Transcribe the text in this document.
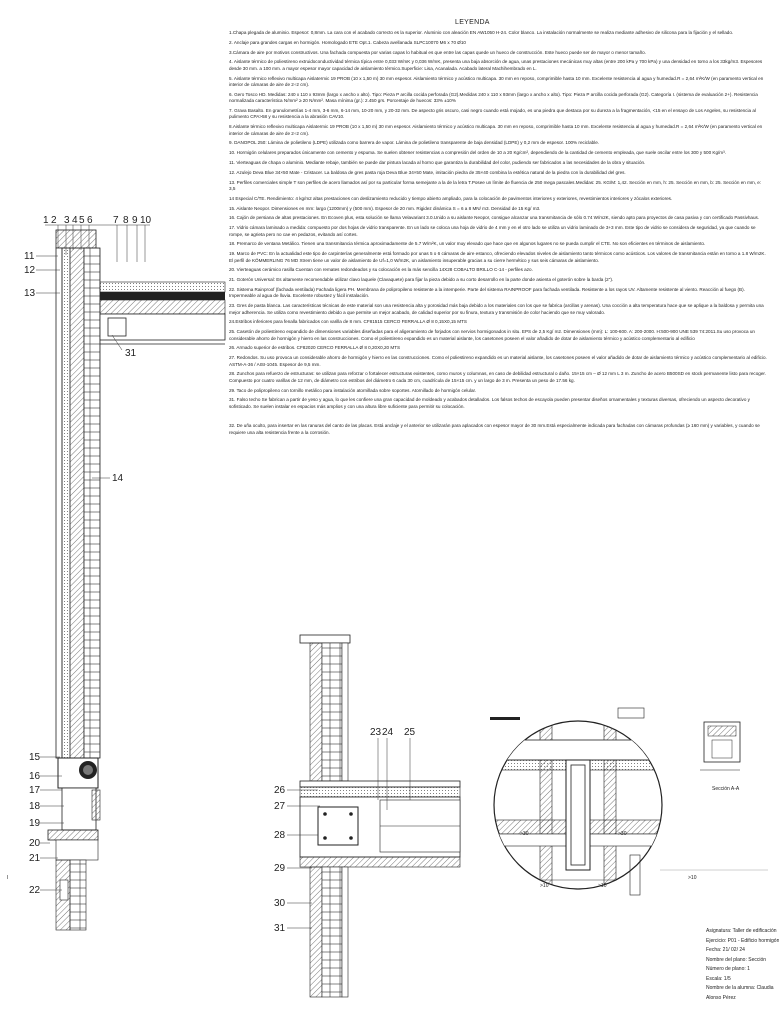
LEYENDA

1.Chapa plegada de aluminio. Espesor: 0,8mm. La cara con el acabado correcto es la superior. Aluminio con aleación EN AW1050 H-24. Color blanco. La instalación normalmente se realiza mediante adhesivo de silicona para la fijación y el sellado.

2. Anclaje para grandes cargas en hormigón. Homologado ETE Opt.1. Cabeza avellanada SLPC10070 M6 x 70 Ø10

3.Cámara de aire por motivos constructivos. Una fachada compuesta por varias capas lo habitual es que entre las capas quede un hueco de construcción. Este hueco puede ser de mayor o menor tamaño.

4. Aislante térmico de poliestireno extruidoconductividad térmica típica entre 0,033 W/mK y 0,036 W/mK, presenta una baja absorción de agua, unas prestaciones mecánicas muy altas (entre 200 kPa y 700 kPa) y una densidad en torno a los 33kg/m3. Espesores desde 30 mm. a 100 mm. a mayor espesor mayor capacidad de aislamiento térmico.Superficie: Lisa, Acanalada. Acabado lateral Machihembrado en L.

5. Aislante térmico reflexivo multicapa Aislatermic 19 PROB (10 x 1,50 m) 30 mm espesor. Aislamiento térmico y acústico multicapa. 30 mm en reposo, comprimible hasta 10 mm. Excelente resistencia al agua y humedad.R = 2,64 m²K/W (en paramento vertical en interior de cámaras de aire de 2÷2 cm).

6. Gero Tosco HD. Medidas: 240 x 110 x 93mm (largo x ancho x alto). Tipo: Pieza P arcilla cocida perforada (G2).Medidas 240 x 110 x 93mm (largo x ancho x alto). Tipo: Pieza P arcilla cocida perforada (G2). Categoría I. (sistema de evaluación 2+). Resistencia normalizada característica N/mm² ≥ 20 N/mm². Masa mínima (gr.): 2.450 grs. Porcentaje de huecos: 33% ±10%

7. Grava Basalto. En granulometrías 1-4 mm, 3-6 mm, 6-14 mm, 10-20 mm, y 20-32 mm. De aspecto gris oscuro, casi negro cuando está mojado, es una piedra que destaca por su dureza a la fragmentación, <15 en el ensayo de Los Angeles, su resistencia al pulimento CPA>58 y su resistencia a la abrasión CAV10.

8.Aislante térmico reflexivo multicapa Aislatermic 19 PROB (10 x 1,50 m) 30 mm espesor. Aislamiento térmico y acústico multicapa. 30 mm en reposo, comprimible hasta 10 mm. Excelente resistencia al agua y humedad.R = 2,64 m²K/W (en paramento vertical en interior de cámaras de aire de 2÷2 cm).

9. DANOPOL 250: Lámina de polietileno (LDPE) utilizada como barrera de vapor. Lámina de polietileno transparente de baja densidad (LDPE) y 0,2 mm de espesor. 100% reciclable.

10. Hormigón celulares preparados únicamente con cemento y espuma. Se suelen obtener resistencias a compresión del orden de 10 a 20 Kg/cm², dependiendo de la cantidad de cemento empleada, que suele oscilar entre los 300 y 500 Kg/m³.

11. Vierteaguas de chapa o aluminio. Mediante rebaje, también se puede dar pintura lacada al horno que garantiza la durabilidad del color, pudiendo ser fabricados a las necesidades de la obra y situación.

12. Azulejo Deva Blue 34×50 Mate - Cristacer. La baldosa de gres pasta roja Deva Blue 34×50 Mate, imitación piedra de 35×40 combina la estética natural de la piedra con la durabilidad del gres.

13. Perfiles comerciales simple T son perfiles de acero llamados así por su particular forma semejante a la de la letra T.Posee un límite de fluencia de 250 mega pascales.Medidas: 25. KG/M: 1,42. Sección en mm, h: 25. Sección en mm, b: 25. Sección en mm, e: 3,5

14 Especial C/TE. Rendimiento: 4 kg/m2 altas prestaciones con deslizamiento reducido y tiempo abierto ampliado, para la colocación de pavimentos interiores y exteriores, revestimientos interiores y zócalos exteriores.

15. Aislante Neopor. Dimensiones en mm: largo (1200mm) y (500 mm). Espesor de 20 mm. Rigidez dinámica S = 6 a 8 MN/ m3. Densidad de 15 Kg/ m3.

16. Cajón de persiana de altas prestaciones. En Ecoven plus, esta solución se llama Velavariant 3.0.Unido a su aislante Neopor, consigue alcanzar una transmitancia de sólo 0.74 W/m2K, siendo apto para proyectos de casa pasiva y con certificado Passivhaus.

17. Vidrio cámara laminado a medida: compuesto por dos hojas de vidrio transparente. En un lado se coloca una hoja de vidrio de 4 mm y en el otro lado se utiliza un vidrio laminado de 3+3 mm. Este tipo de vidrio se considera de seguridad, ya que cuando se rompe, se agrieta pero no cae en pedazos, evitando así cortes.

18. Premarco de ventana Metálico. Tienen una transmitancia térmica aproximadamente de 5.7 W/m²K, un valor muy elevado que hace que en algunos lugares no se pueda cumplir el CTE. No son eficientes en términos de aislamiento.

19. Marco de PVC: En la actualidad este tipo de carpinterías generalmente está formado por unas 5 o 6 cámaras de aire estanco, ofreciendo elevados niveles de aislamiento tanto térmicos como acústicos. Los valores de transmitancia están en torno a 1.8 W/m2K. El perfil de KÖMMERLING 76 MD Xtrem tiene un valor de aislamiento de Uf=1,0 W/m2K, un aislamiento insuperable gracias a su cierre hermético y sus seis cámaras de aislamiento.

20. Vierteaguas cerámico rasilla Cuentan con remates redondeados y su colocación es la más sencilla 14X28 COBALTO BRILLO C-14 - perfiles azo.

21. Goterón Universal: Es altamente recomendable utilizar clavo laquele (Clavaquete) para fijar la pieza debido a su corto desarrollo en la parte donde asienta el goterón sobre la barda (2").

22. Sistema Rainproof (fachada ventilada) Fachada ligera PH. Membrana de polipropileno resistente a la intemperie. Parte del sistema RAINPROOF para fachada ventilada. Resistente a los rayos UV. Altamente resistente al viento. Reacción al fuego (B). Impermeable al agua de lluvia. Excelente robustez y fácil instalación.

23. Gres de pasta blanca. Las características técnicas de este material son una resistencia alta y porosidad más baja debido a los materiales con los que se fabrica (arcillas y arenas). Una cocción a alta temperatura hace que se aplique a la baldosa y permita una mejor adherencia. Se utiliza como revestimiento debido a que permite un mejor acabado, de calidad superior por su finura, textura y transmisión de color haciendo que se muy valorado.

24.Estribos inferiores para fenalla fabricados con varilla de 8 mm. CF81515 CERCO FERRALLA Ø 8 0,15X0,15 MTS

25. Casetón de poliestireno expandido de dimensiones variables diseñadas para el aligeramiento de forjados con nervios hormigonados in situ. EPS de 2,5 Kg/ m2. Dimensiones (mm): L: 100-600. A: 200-2000. H:500-900 UNE 539 74:2011.Su uso provoca un considerable ahorro de hormigón y hierro en las construcciones. Como el poliestireno expandido es un material aislante, los casetones poseen el valor añadido de dotar de aislamiento térmico y acústico complementario al edificio

26. Armado superior de estribos. CF82020 CERCO FERRALLA Ø 8 0,20X0,20 MTS

27. Redondos. Su uso provoca un considerable ahorro de hormigón y hierro en las construcciones. Como el poliestireno expandido es un material aislante, los casetones poseen el valor añadido de dotar de aislamiento térmico y acústico complementario al edificio. ASTM-A-36 / AISI-1045. Espesor de 9,5 mm.

28. Zunchos para refuerzo de estructuras: se utilizan para reforzar o fortalecer estructuras existentes, como muros y columnas, en caso de debilidad estructural o daño. 15×15 cm – Ø 12 mm L 3 m. Zuncho de acero B500SD en stock permanente listo para recoger. Compuesto por cuatro varillas de 12 mm, de diámetro con estribos del diámetro 6 cada 30 cm, cuadrícula de 15×15 cm. y un largo de 3 m. Presenta un peso de 17.56 kg.

29. Taco de polipropileno con tornillo metálico para instalación atornillada sobre soportes. Atornillado de hormigón celular.

31. Falso techo Se fabrican a partir de yeso y agua, lo que les confiere una gran capacidad de moldeado y acabados detallados. Los falsos techos de escayola pueden presentar diseños ornamentales y texturas diversas, ofreciendo un aspecto decorativo y sofisticado. Se suelen instalar en espacios más amplios y con una altura libre suficiente para permitir su colocación.

32. De uña oculto, para insertar en las ranuras del canto de las placas. Está anclaje y el anterior se utilizarán para aplacados con espesor mayor de 30 mm.Está especialmente indicada para fachadas con cámaras profundas (≥ 160 mm) y variables, y cuando se requiere una alta resistencia frente a la corrosión.

I
1 2 3 4 5 6 7 8 9 10
11
12
13
31
14
15
16
17
18
19
20
21
22
23 24 25
26
27
28
29
30
31
>30
>10	>10
>30
>10
Sección A-A
Asignatura: Taller de edificación
Ejercicio: P01 - Edificio hormigón
Fecha: 21/ 02/ 24
Nombre del plano: Sección
Número de plano: 1
Escala: 1/5
Nombre de la alumna: Claudia
Alonso Pérez
